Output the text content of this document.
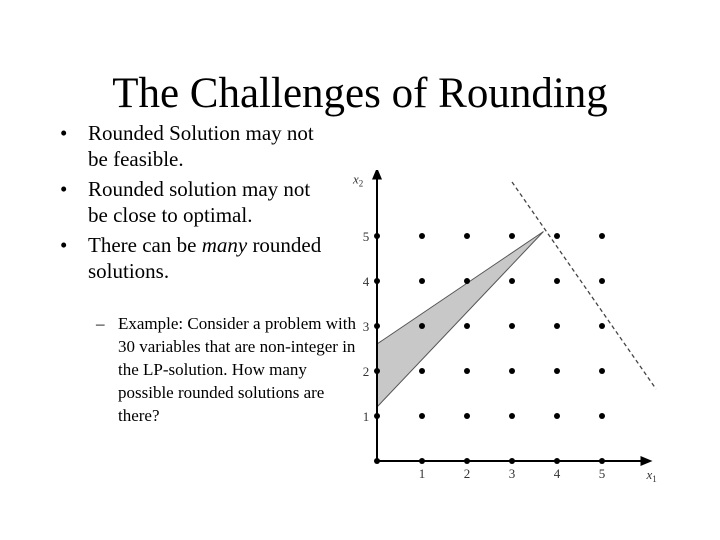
The Challenges of Rounding
• Rounded Solution may not be feasible.
• Rounded solution may not be close to optimal.
• There can be many rounded solutions.
– Example: Consider a problem with 30 variables that are non-integer in the LP-solution. How many possible rounded solutions are there?
1	2	3	4	5
1
2
3
4
5
$x_1$
$x_2$
